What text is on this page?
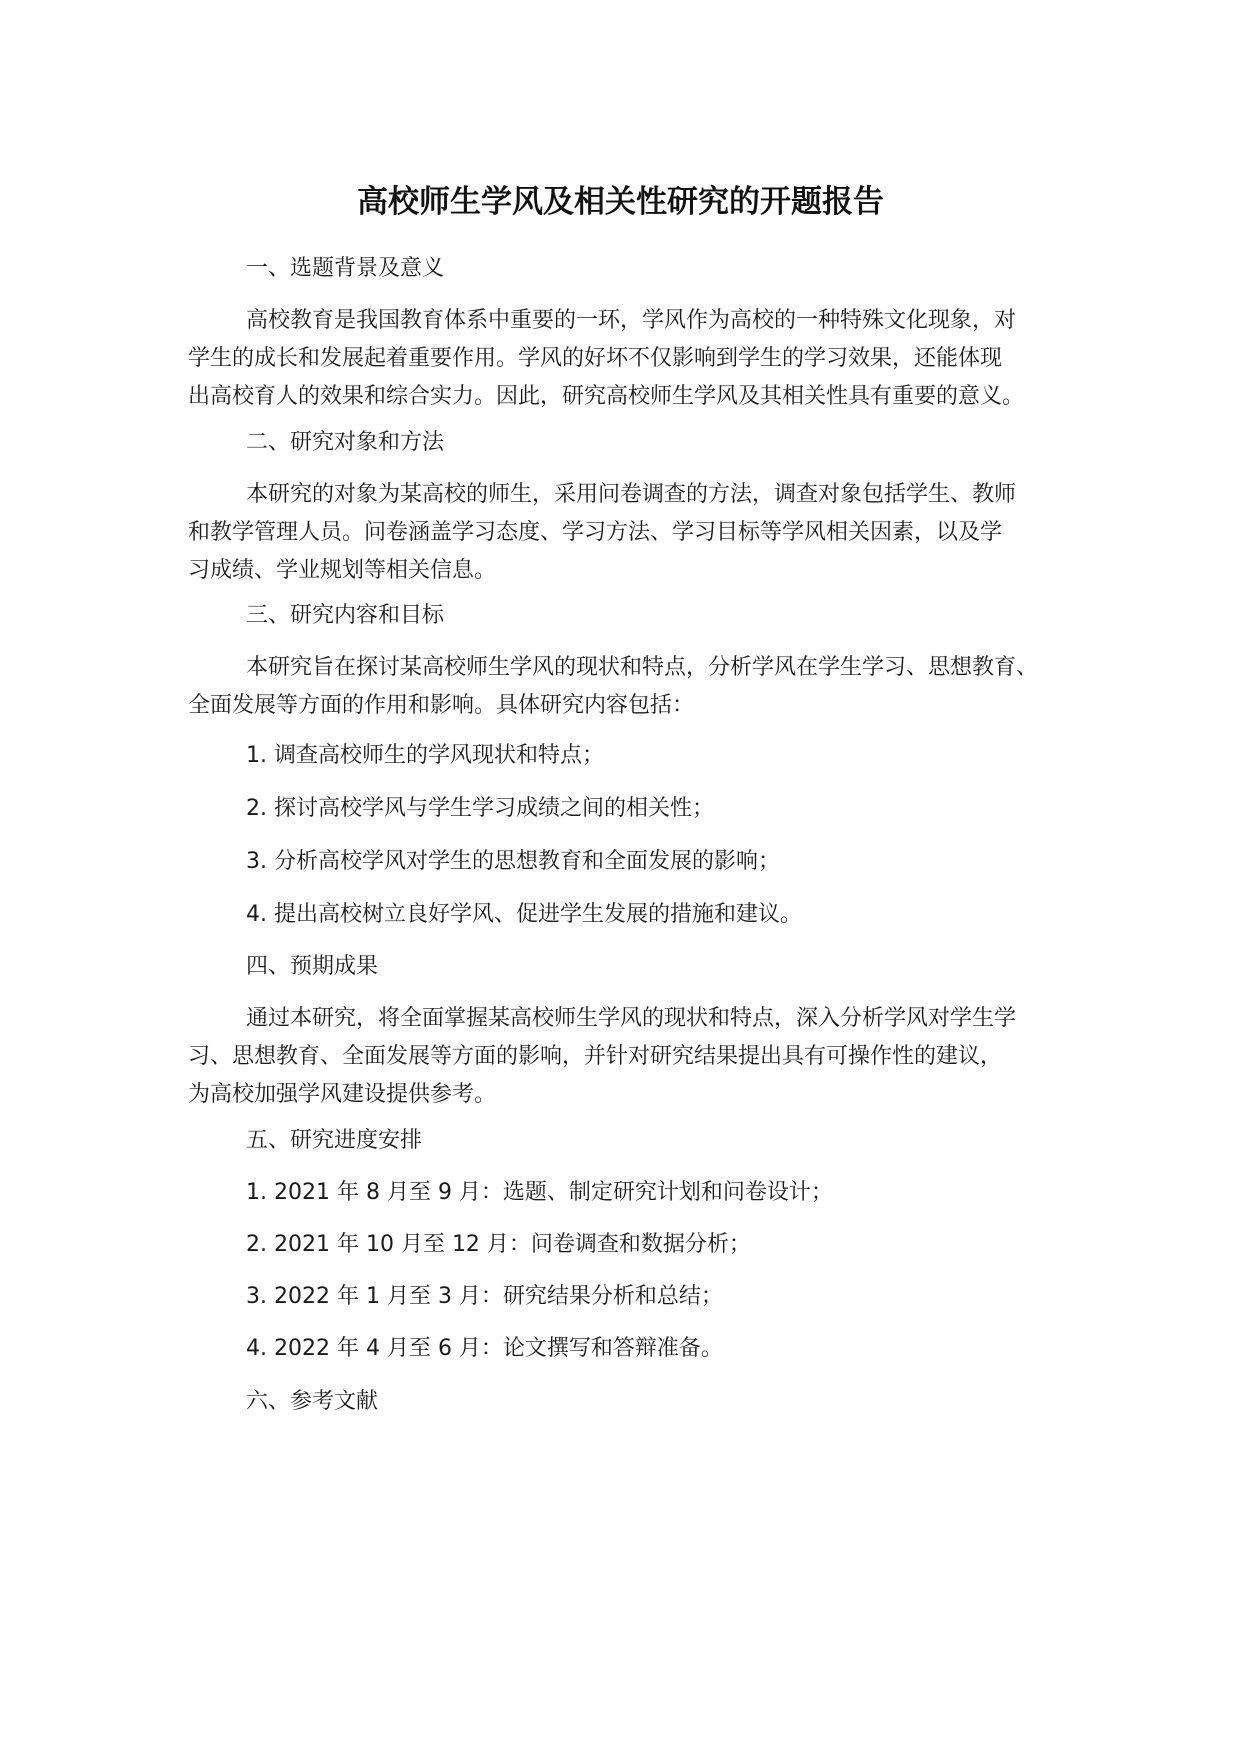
高校师生学风及相关性研究的开题报告
一、选题背景及意义
高校教育是我国教育体系中重要的一环，学风作为高校的一种特殊文化现象，对
学生的成长和发展起着重要作用。学风的好坏不仅影响到学生的学习效果，还能体现
出高校育人的效果和综合实力。因此，研究高校师生学风及其相关性具有重要的意义。
二、研究对象和方法
本研究的对象为某高校的师生，采用问卷调查的方法，调查对象包括学生、教师
和教学管理人员。问卷涵盖学习态度、学习方法、学习目标等学风相关因素，以及学
习成绩、学业规划等相关信息。
三、研究内容和目标
本研究旨在探讨某高校师生学风的现状和特点，分析学风在学生学习、思想教育、
全面发展等方面的作用和影响。具体研究内容包括：
1. 调查高校师生的学风现状和特点；
2. 探讨高校学风与学生学习成绩之间的相关性；
3. 分析高校学风对学生的思想教育和全面发展的影响；
4. 提出高校树立良好学风、促进学生发展的措施和建议。
四、预期成果
通过本研究，将全面掌握某高校师生学风的现状和特点，深入分析学风对学生学
习、思想教育、全面发展等方面的影响，并针对研究结果提出具有可操作性的建议，
为高校加强学风建设提供参考。
五、研究进度安排
1. 2021 年 8 月至 9 月：选题、制定研究计划和问卷设计；
2. 2021 年 10 月至 12 月：问卷调查和数据分析；
3. 2022 年 1 月至 3 月：研究结果分析和总结；
4. 2022 年 4 月至 6 月：论文撰写和答辩准备。
六、参考文献
